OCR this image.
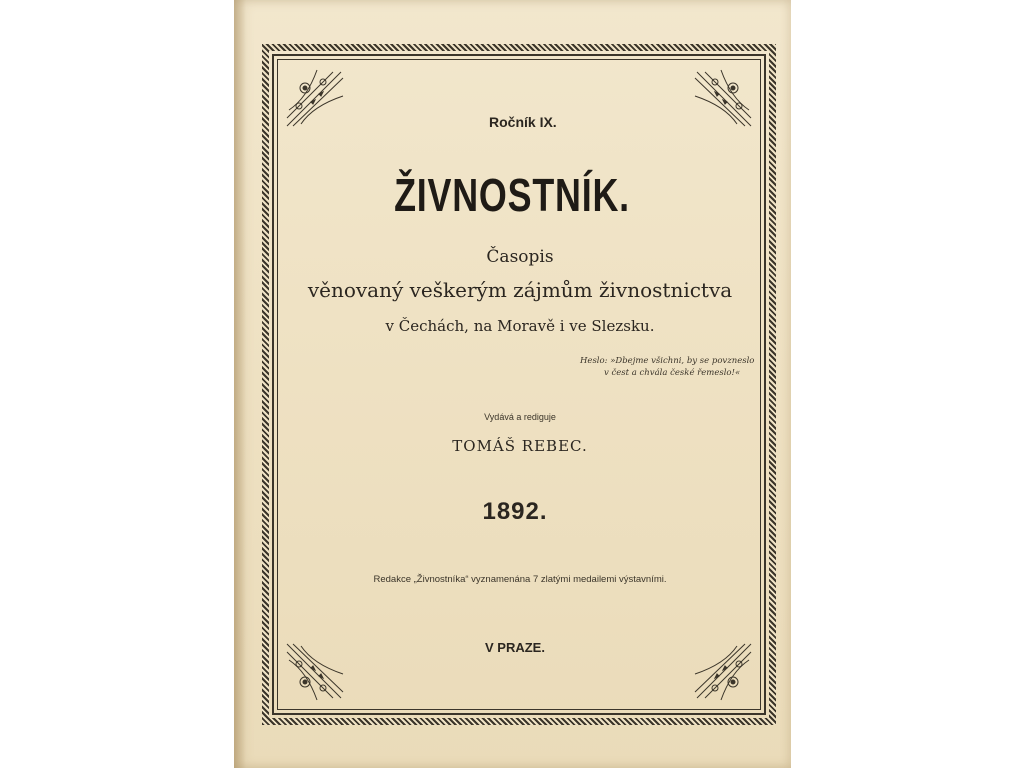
Ročník IX.
ŽIVNOSTNÍK.
Časopis
věnovaný veškerým zájmům živnostnictva
v Čechách, na Moravě i ve Slezsku.
Heslo: »Dbejme všichni, by se povzneslo
v čest a chvála české řemeslo!«
Vydává a rediguje
TOMÁŠ REBEC.
1892.
Redakce „Živnostníka“ vyznamenána 7 zlatými medailemi výstavními.
V PRAZE.
